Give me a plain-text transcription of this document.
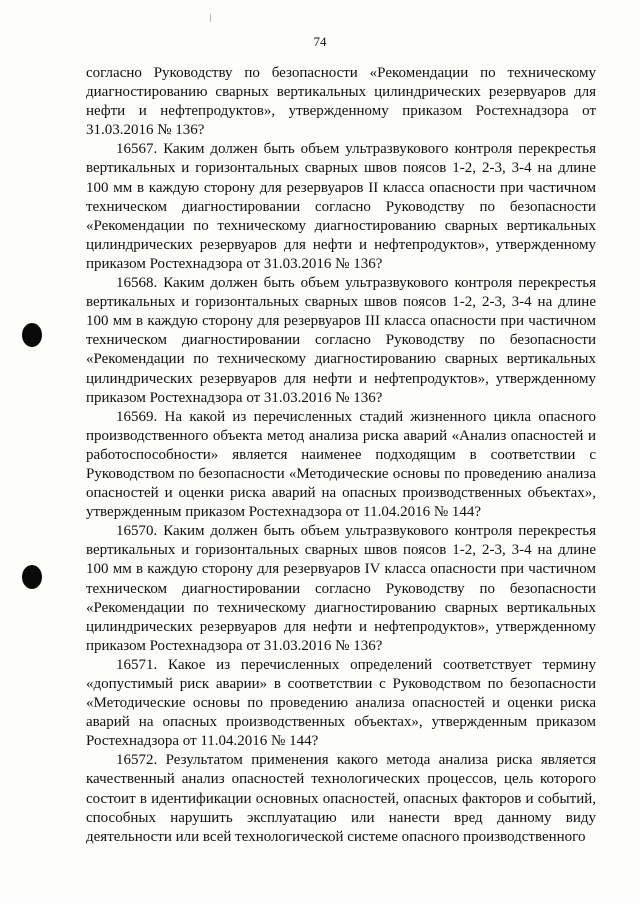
74

согласно Руководству по безопасности «Рекомендации по техническому диагностированию сварных вертикальных цилиндрических резервуаров для нефти и нефтепродуктов», утвержденному приказом Ростехнадзора от 31.03.2016 № 136?

16567. Каким должен быть объем ультразвукового контроля перекрестья вертикальных и горизонтальных сварных швов поясов 1-2, 2-3, 3-4 на длине 100 мм в каждую сторону для резервуаров II класса опасности при частичном техническом диагностировании согласно Руководству по безопасности «Рекомендации по техническому диагностированию сварных вертикальных цилиндрических резервуаров для нефти и нефтепродуктов», утвержденному приказом Ростехнадзора от 31.03.2016 № 136?

16568. Каким должен быть объем ультразвукового контроля перекрестья вертикальных и горизонтальных сварных швов поясов 1-2, 2-3, 3-4 на длине 100 мм в каждую сторону для резервуаров III класса опасности при частичном техническом диагностировании согласно Руководству по безопасности «Рекомендации по техническому диагностированию сварных вертикальных цилиндрических резервуаров для нефти и нефтепродуктов», утвержденному приказом Ростехнадзора от 31.03.2016 № 136?

16569. На какой из перечисленных стадий жизненного цикла опасного производственного объекта метод анализа риска аварий «Анализ опасностей и работоспособности» является наименее подходящим в соответствии с Руководством по безопасности «Методические основы по проведению анализа опасностей и оценки риска аварий на опасных производственных объектах», утвержденным приказом Ростехнадзора от 11.04.2016 № 144?

16570. Каким должен быть объем ультразвукового контроля перекрестья вертикальных и горизонтальных сварных швов поясов 1-2, 2-3, 3-4 на длине 100 мм в каждую сторону для резервуаров IV класса опасности при частичном техническом диагностировании согласно Руководству по безопасности «Рекомендации по техническому диагностированию сварных вертикальных цилиндрических резервуаров для нефти и нефтепродуктов», утвержденному приказом Ростехнадзора от 31.03.2016 № 136?

16571. Какое из перечисленных определений соответствует термину «допустимый риск аварии» в соответствии с Руководством по безопасности «Методические основы по проведению анализа опасностей и оценки риска аварий на опасных производственных объектах», утвержденным приказом Ростехнадзора от 11.04.2016 № 144?

16572. Результатом применения какого метода анализа риска является качественный анализ опасностей технологических процессов, цель которого состоит в идентификации основных опасностей, опасных факторов и событий, способных нарушить эксплуатацию или нанести вред данному виду деятельности или всей технологической системе опасного производственного
